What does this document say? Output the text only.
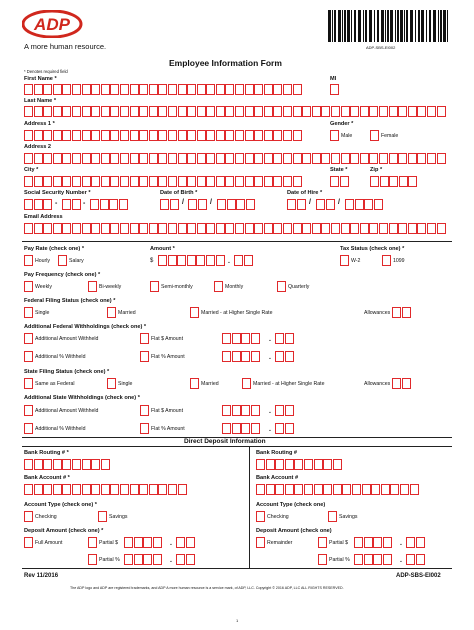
ADP
A more human resource.	ADP-SBS-EI002
Employee Information Form
* Denotes required field
First Name *	MI
Last Name *
Address 1 *	Gender *
Male	Female
Address 2
City *	State *	Zip *
Social Security Number *
-	-
Date of Birth *
/	/
Date of Hire *
/	/
Email Address
Pay Rate (check one) *
Hourly	Salary
Amount *
$	.
Tax Status (check one) *
W-2	1099
Pay Frequency (check one) *
Weekly	Bi-weekly	Semi-monthly	Monthly	Quarterly
Federal Filing Status (check one) *
Single	Married	Married - at Higher Single Rate	Allowances
Additional Federal Withholdings (check one) *
Additional Amount Withheld	Flat $ Amount	.
Additional % Withheld	Flat % Amount	.
State Filing Status (check one) *
Same as Federal	Single	Married	Married - at Higher Single Rate	Allowances
Additional State Withholdings (check one) *
Additional Amount Withheld	Flat $ Amount	.
Additional % Withheld	Flat % Amount	.
Direct Deposit Information
Bank Routing # *
Bank Account # *
Account Type (check one) *
Checking	Savings
Deposit Amount (check one) *
Full Amount	Partial $	.
Partial %	.
Bank Routing #
Bank Account #
Account Type (check one)
Checking	Savings
Deposit Amount (check one)
Remainder	Partial $	.
Partial %	.
Rev 11/2016	ADP-SBS-EI002
The ADP logo and ADP are registered trademarks, and ADP A more human resource is a service mark, of ADP, LLC. Copyright © 2016 ADP, LLC ALL RIGHTS RESERVED.
1
